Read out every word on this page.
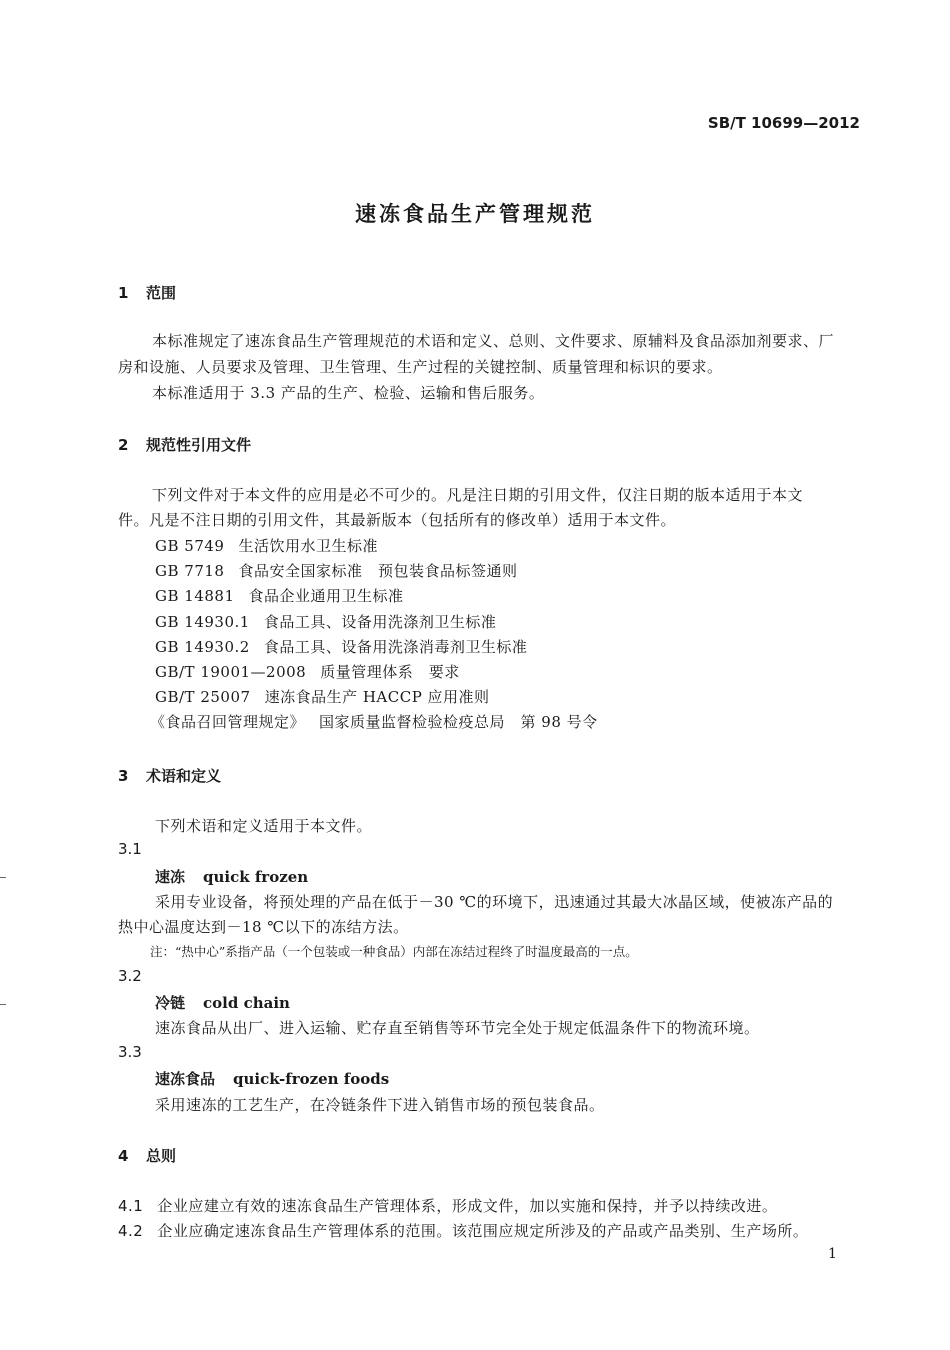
SB/T 10699—2012
速冻食品生产管理规范
1 范围
本标准规定了速冻食品生产管理规范的术语和定义、总则、文件要求、原辅料及食品添加剂要求、厂
房和设施、人员要求及管理、卫生管理、生产过程的关键控制、质量管理和标识的要求。
本标准适用于 3.3 产品的生产、检验、运输和售后服务。
2 规范性引用文件
下列文件对于本文件的应用是必不可少的。凡是注日期的引用文件，仅注日期的版本适用于本文
件。凡是不注日期的引用文件，其最新版本（包括所有的修改单）适用于本文件。
GB 5749 生活饮用水卫生标准
GB 7718 食品安全国家标准　预包装食品标签通则
GB 14881 食品企业通用卫生标准
GB 14930.1 食品工具、设备用洗涤剂卫生标准
GB 14930.2 食品工具、设备用洗涤消毒剂卫生标准
GB/T 19001—2008 质量管理体系　要求
GB/T 25007 速冻食品生产 HACCP 应用准则
《食品召回管理规定》 国家质量监督检验检疫总局　第 98 号令
3 术语和定义
下列术语和定义适用于本文件。
3.1
速冻 quick frozen
采用专业设备，将预处理的产品在低于－30 ℃的环境下，迅速通过其最大冰晶区域，使被冻产品的
热中心温度达到－18 ℃以下的冻结方法。
注：“热中心”系指产品（一个包装或一种食品）内部在冻结过程终了时温度最高的一点。
3.2
冷链 cold chain
速冻食品从出厂、进入运输、贮存直至销售等环节完全处于规定低温条件下的物流环境。
3.3
速冻食品 quick-frozen foods
采用速冻的工艺生产，在冷链条件下进入销售市场的预包装食品。
4 总则
4.1 企业应建立有效的速冻食品生产管理体系，形成文件，加以实施和保持，并予以持续改进。
4.2 企业应确定速冻食品生产管理体系的范围。该范围应规定所涉及的产品或产品类别、生产场所。
1
